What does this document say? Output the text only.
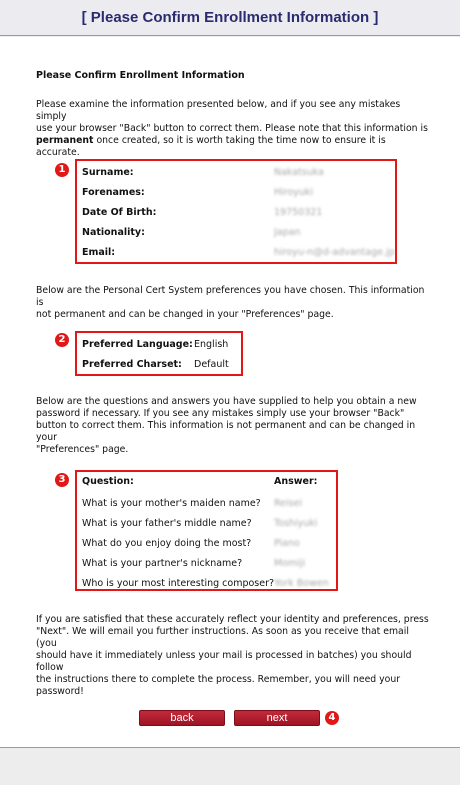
[ Please Confirm Enrollment Information ]
Please Confirm Enrollment Information
Please examine the information presented below, and if you see any mistakes simply
use your browser "Back" button to correct them. Please note that this information is
permanent once created, so it is worth taking the time now to ensure it is accurate.
1	Surname:	Nakatsuka
Forenames:	Hiroyuki
Date Of Birth:	19750321
Nationality:	Japan
Email:	hiroyu-n@d-advantage.jp
Below are the Personal Cert System preferences you have chosen. This information is
not permanent and can be changed in your "Preferences" page.
2	Preferred Language: English
Preferred Charset: Default
Below are the questions and answers you have supplied to help you obtain a new
password if necessary. If you see any mistakes simply use your browser "Back"
button to correct them. This information is not permanent and can be changed in your
"Preferences" page.
3	Question:	Answer:
What is your mother's maiden name? Reisei
What is your father's middle name? Toshiyuki
What do you enjoy doing the most? Piano
What is your partner's nickname?	Momiji
Who is your most interesting composer? York Bowen
If you are satisfied that these accurately reflect your identity and preferences, press
"Next". We will email you further instructions. As soon as you receive that email (you
should have it immediately unless your mail is processed in batches) you should follow
the instructions there to complete the process. Remember, you will need your
password!
back	next	4
